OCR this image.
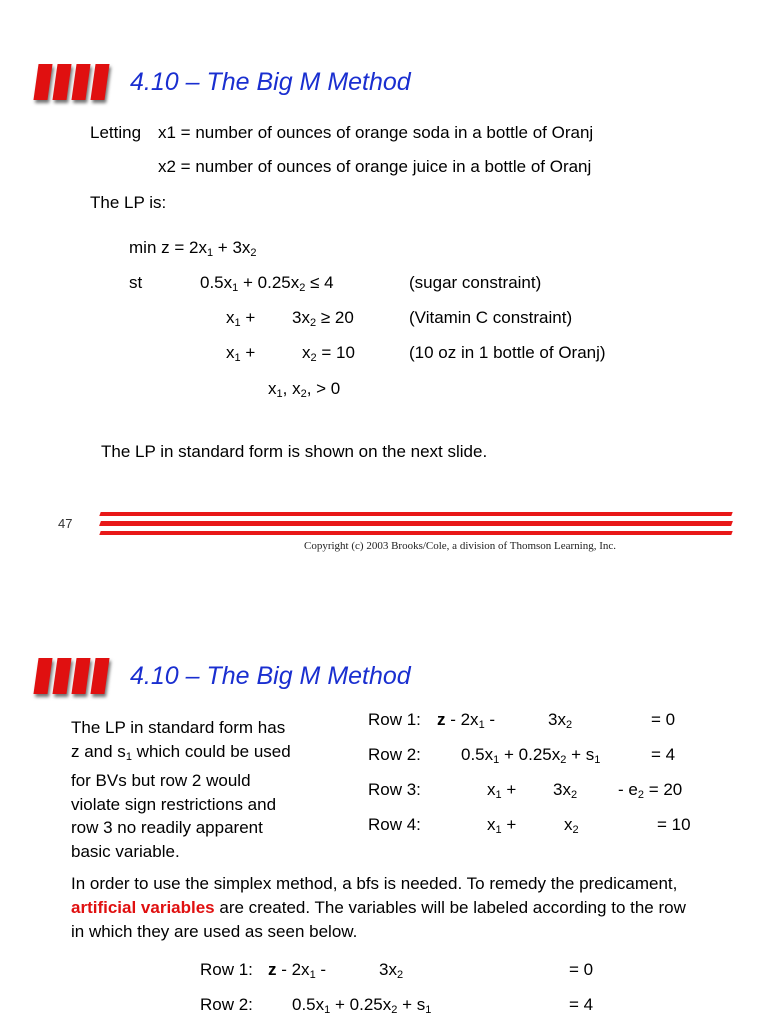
4.10 – The Big M Method
Letting x1 = number of ounces of orange soda in a bottle of Oranj
x2 = number of ounces of orange juice in a bottle of Oranj
The LP is:
$\min z = 2x_1 + 3x_2$
st	$0.5x_1 + 0.25x_2 \le 4$	(sugar constraint)
$x_1 + 3x_2 \ge 20$	(Vitamin C constraint)
$x_1$ +	$x_2 = 10$	(10 oz in 1 bottle of Oranj)
$x_1$, $x_2$, > 0
The LP in standard form is shown on the next slide.
47
Copyright (c) 2003 Brooks/Cole, a division of Thomson Learning, Inc.
4.10 – The Big M Method
The LP in standard form has
z and $s_1$ which could be used
for BVs but row 2 would
violate sign restrictions and
row 3 no readily apparent
basic variable.
Row 1: z - $2x_1$ -	$3x_2$	= 0
Row 2: $0.5x_1 + 0.25x_2 + s_1$	= 4
Row 3:	$x_1 + 3x_2 - e_2 = 20$
Row 4:	$x_1$ +	$x_2$	= 10
In order to use the simplex method, a bfs is needed. To remedy the predicament, artificial variables are created. The variables will be labeled according to the row in which they are used as seen below.
Row 1: z - $2x_1$ -	$3x_2$	= 0
Row 2: $0.5x_1 + 0.25x_2 + s_1$	= 4
